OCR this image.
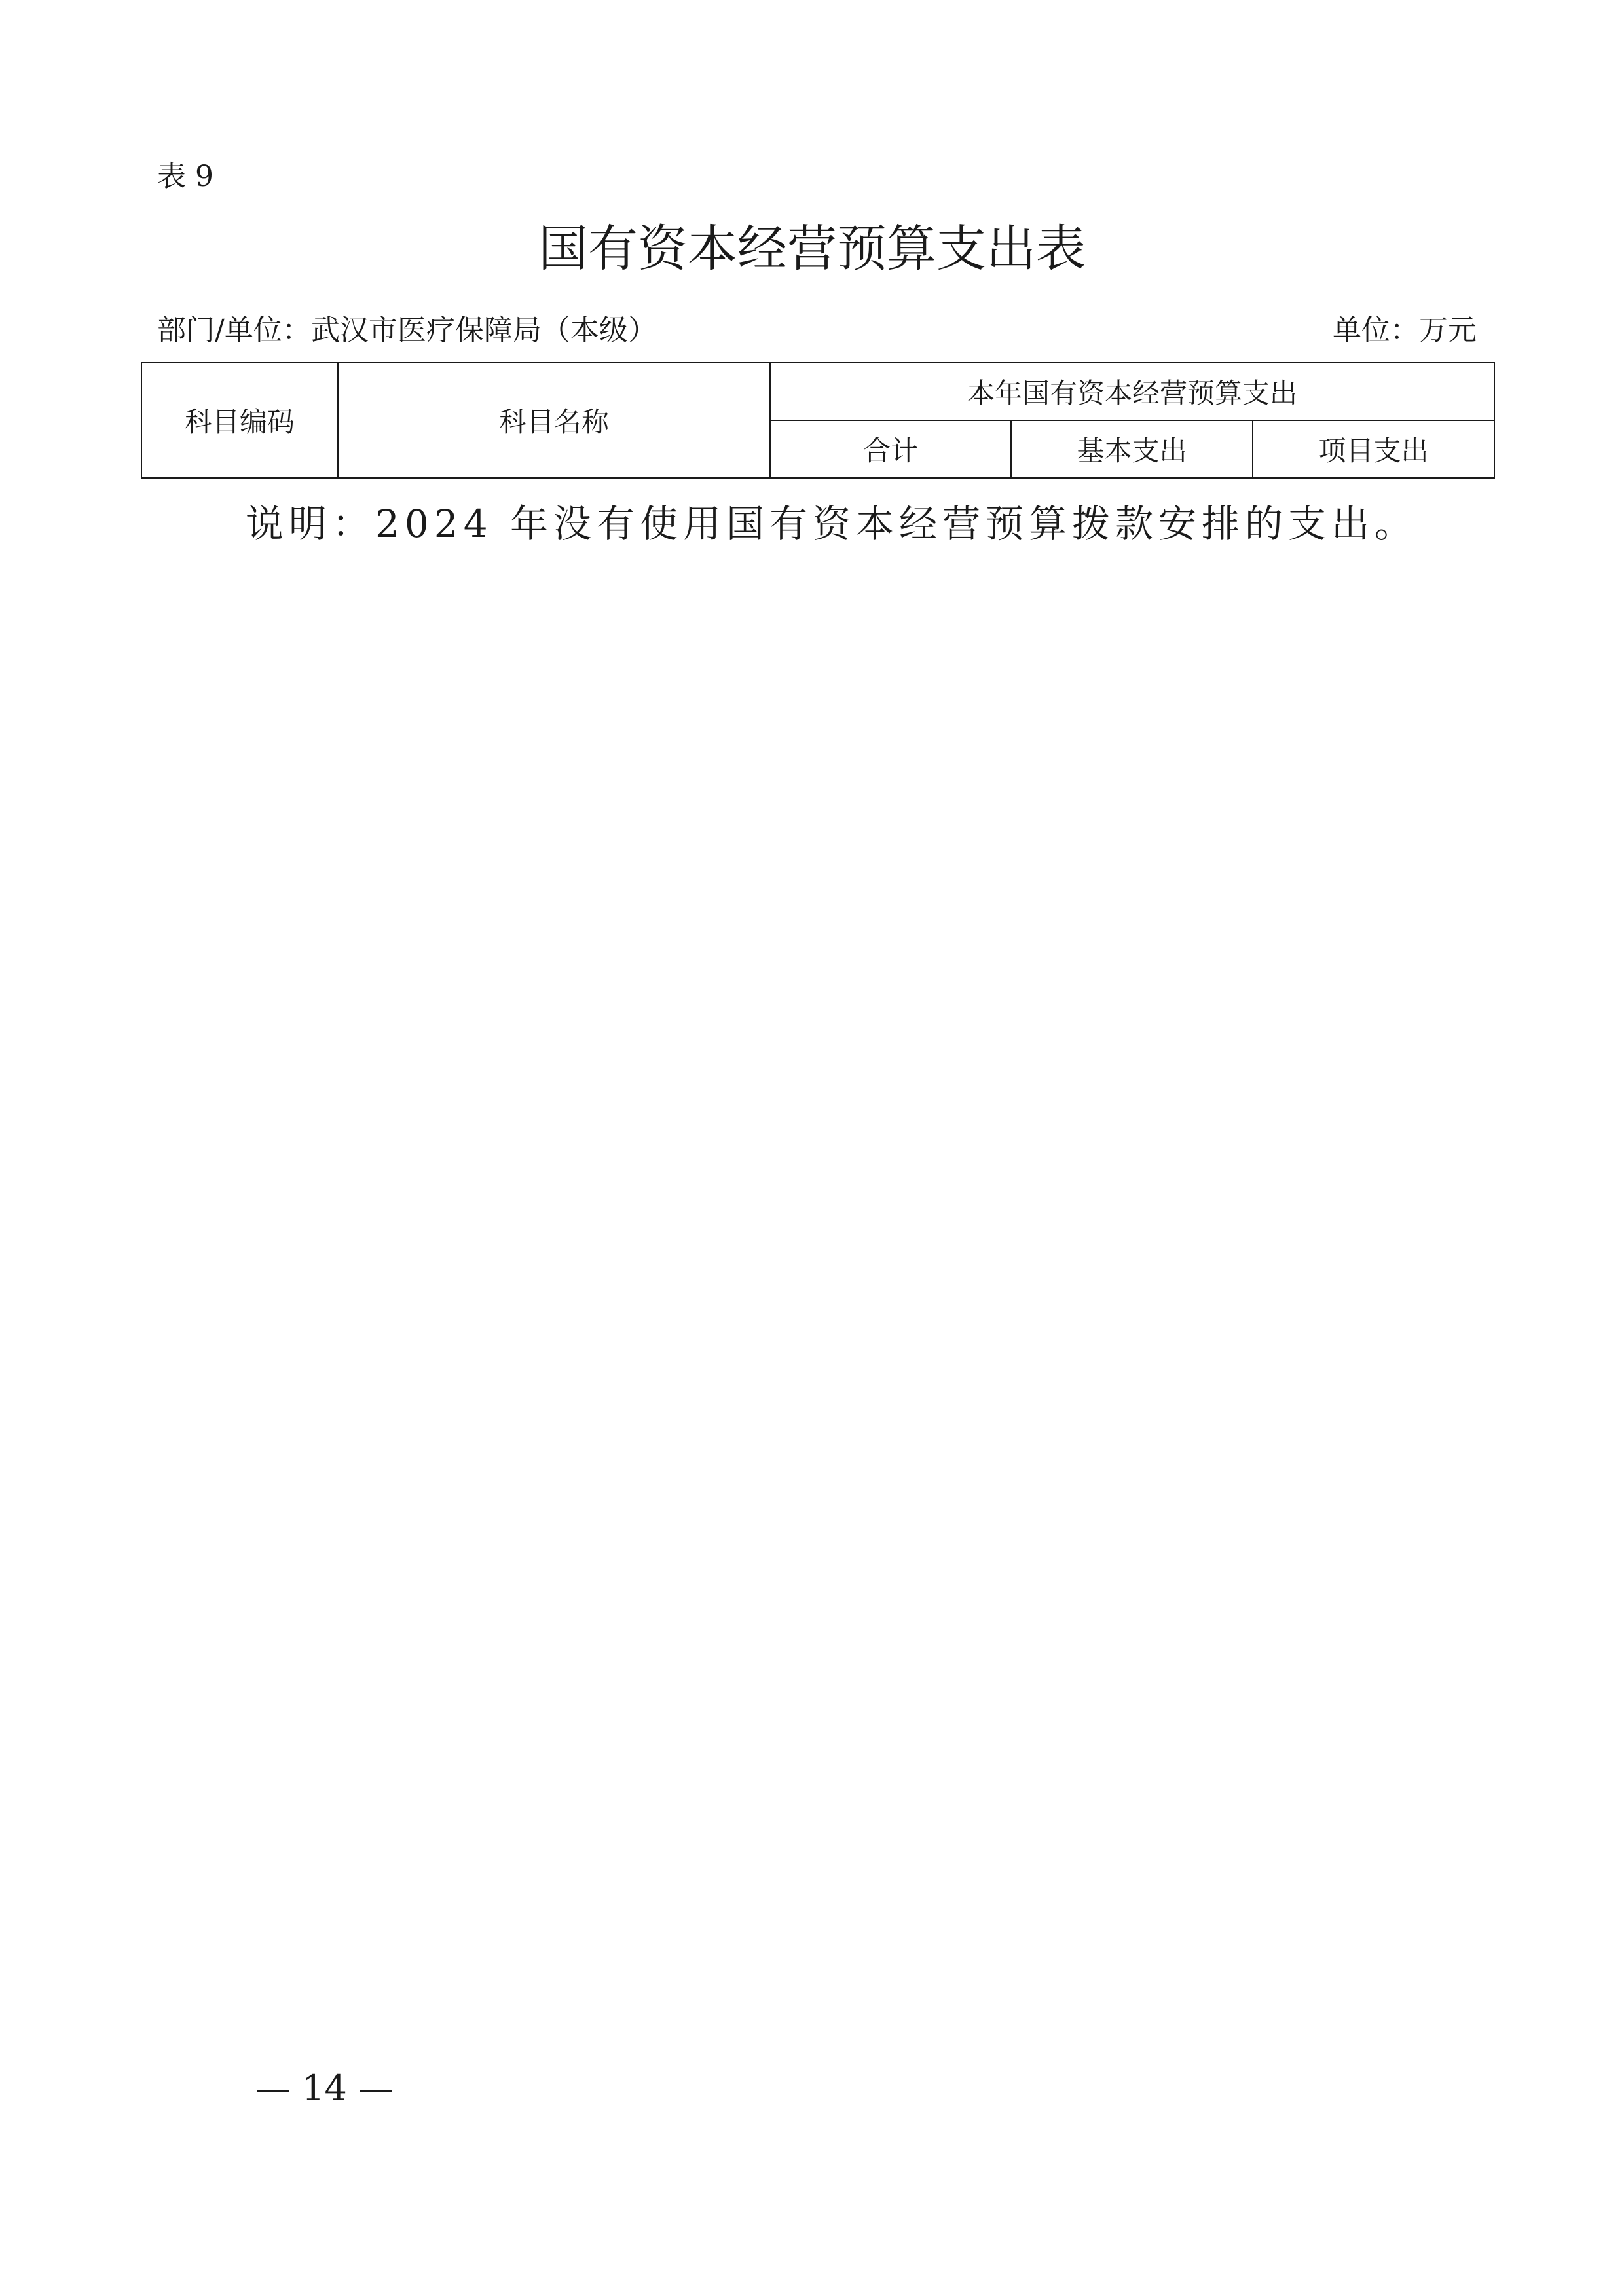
表 9
国有资本经营预算支出表
部门/单位：武汉市医疗保障局（本级）	单位：万元
科目编码	科目名称	本年国有资本经营预算支出		
		合计	基本支出	项目支出
说明：2024 年没有使用国有资本经营预算拨款安排的支出。
— 14 —
